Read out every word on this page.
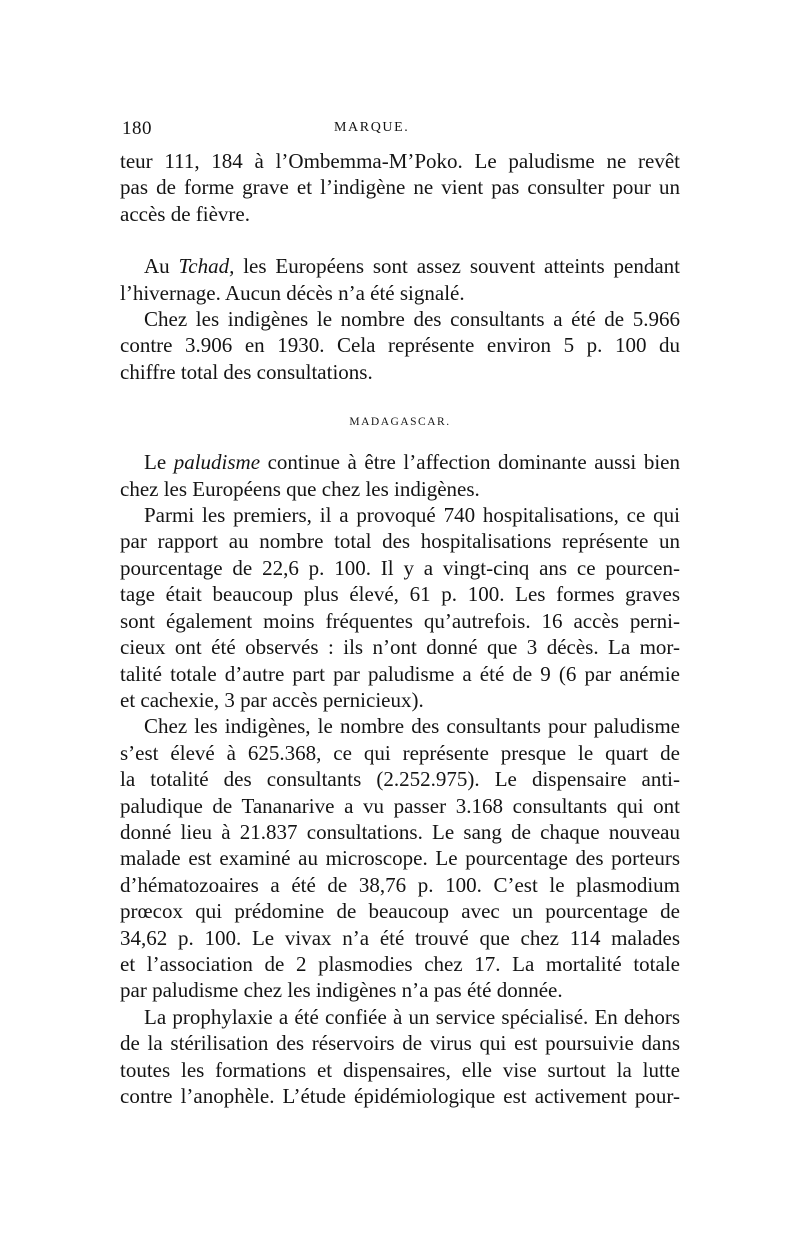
180	MARQUE.
teur 111, 184 à l’Ombemma-M’Poko. Le paludisme ne revêt
pas de forme grave et l’indigène ne vient pas consulter pour un
accès de fièvre.
Au Tchad, les Européens sont assez souvent atteints pendant
l’hivernage. Aucun décès n’a été signalé.
Chez les indigènes le nombre des consultants a été de 5.966
contre 3.906 en 1930. Cela représente environ 5 p. 100 du
chiffre total des consultations.
MADAGASCAR.
Le paludisme continue à être l’affection dominante aussi bien
chez les Européens que chez les indigènes.
Parmi les premiers, il a provoqué 740 hospitalisations, ce qui
par rapport au nombre total des hospitalisations représente un
pourcentage de 22,6 p. 100. Il y a vingt-cinq ans ce pourcen-
tage était beaucoup plus élevé, 61 p. 100. Les formes graves
sont également moins fréquentes qu’autrefois. 16 accès perni-
cieux ont été observés : ils n’ont donné que 3 décès. La mor-
talité totale d’autre part par paludisme a été de 9 (6 par anémie
et cachexie, 3 par accès pernicieux).
Chez les indigènes, le nombre des consultants pour paludisme
s’est élevé à 625.368, ce qui représente presque le quart de
la totalité des consultants (2.252.975). Le dispensaire anti-
paludique de Tananarive a vu passer 3.168 consultants qui ont
donné lieu à 21.837 consultations. Le sang de chaque nouveau
malade est examiné au microscope. Le pourcentage des porteurs
d’hématozoaires a été de 38,76 p. 100. C’est le plasmodium
prœcox qui prédomine de beaucoup avec un pourcentage de
34,62 p. 100. Le vivax n’a été trouvé que chez 114 malades
et l’association de 2 plasmodies chez 17. La mortalité totale
par paludisme chez les indigènes n’a pas été donnée.
La prophylaxie a été confiée à un service spécialisé. En dehors
de la stérilisation des réservoirs de virus qui est poursuivie dans
toutes les formations et dispensaires, elle vise surtout la lutte
contre l’anophèle. L’étude épidémiologique est activement pour-
